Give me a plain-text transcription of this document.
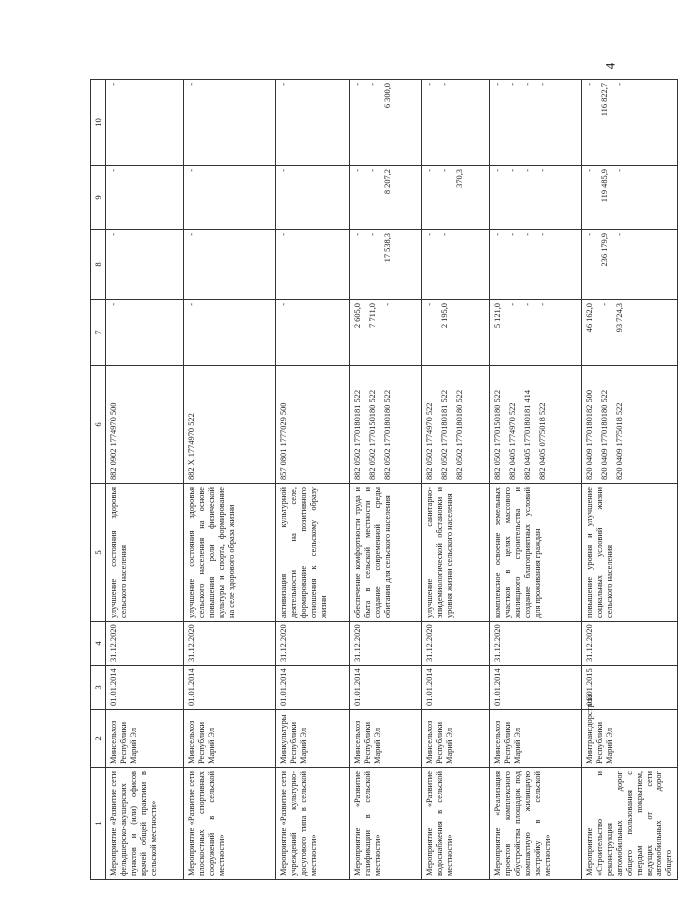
4
1	2	3	4	5	6	7	8	9	10
Мероприятие «Развитие сети фельдшерско-акушерских пунктов и (или) офисов врачей общей практики в сельской местности»	Минсельхоз Республики Марий Эл	01.01.2014	31.12.2020	улучшение состояния здоровья сельского населения	882 0902 1774970 500	-	-	-	-

Мероприятие «Развитие сети плоскостных спортивных сооружений в сельской местности»	Минсельхоз Республики Марий Эл	01.01.2014	31.12.2020	улучшение состояния здоровья сельского населения на основе повышения роли физической культуры и спорта, формирование на селе здорового образа жизни	882 X 1774970 522	-	-	-	-

Мероприятие «Развитие сети учреждений культурно-досугового типа в сельской местности»	Минкультуры Республики Марий Эл	01.01.2014	31.12.2020	активизация культурной деятельности на селе, формирование позитивного отношения к сельскому образу жизни	857 0801 1777029 500	-	-	-	-

Мероприятие «Развитие газификации в сельской местности»	Минсельхоз Республики Марий Эл	01.01.2014	31.12.2020	обеспечение комфортности труда и быта в сельской местности и создание современной среды обитания для сельского населения	882 0502 1770180181 522 882 0502 1770150180 522 882 0502 1770180180 522	2 605,0 7 711,0 -	- - 17 538,3	- - 8 207,2	- - 6 300,0

Мероприятие «Развитие водоснабжения в сельской местности»	Минсельхоз Республики Марий Эл	01.01.2014	31.12.2020	улучшение санитарно-эпидемиологической обстановки и уровня жизни сельского населения	882 0502 1774970 522 882 0502 1770180181 522 882 0502 1770180180 522	- 2 195,0	- -	- - 370,3	- -

Мероприятие «Реализация проектов комплексного обустройства площадок под компактную жилищную застройку в сельской местности»	Минсельхоз Республики Марий Эл	01.01.2014	31.12.2020	комплексное освоение земельных участков в целях массового жилищного строительства и создание благоприятных условий для проживания граждан	882 0502 1770150180 522 882 0405 1774970 522 882 0405 1770180181 414 882 0405 0775018 522	5 121,0 - - -	- - - -	- - - -	- - - -

Мероприятие «Строительство и реконструкция автомобильных дорог общего пользования с твердым покрытием, ведущих от сети автомобильных дорог общего	Минтрансдорстрой Республики Марий Эл	01.01.2015	31.12.2020	повышение уровня и улучшение социальных условий жизни сельского населения	820 0409 1770180182 500 820 0409 1770180180 522 820 0409 1775018 522	46 162,0 - 93 724,3	- 236 179,9 -	- 119 485,9 -	- 116 822,7 -
